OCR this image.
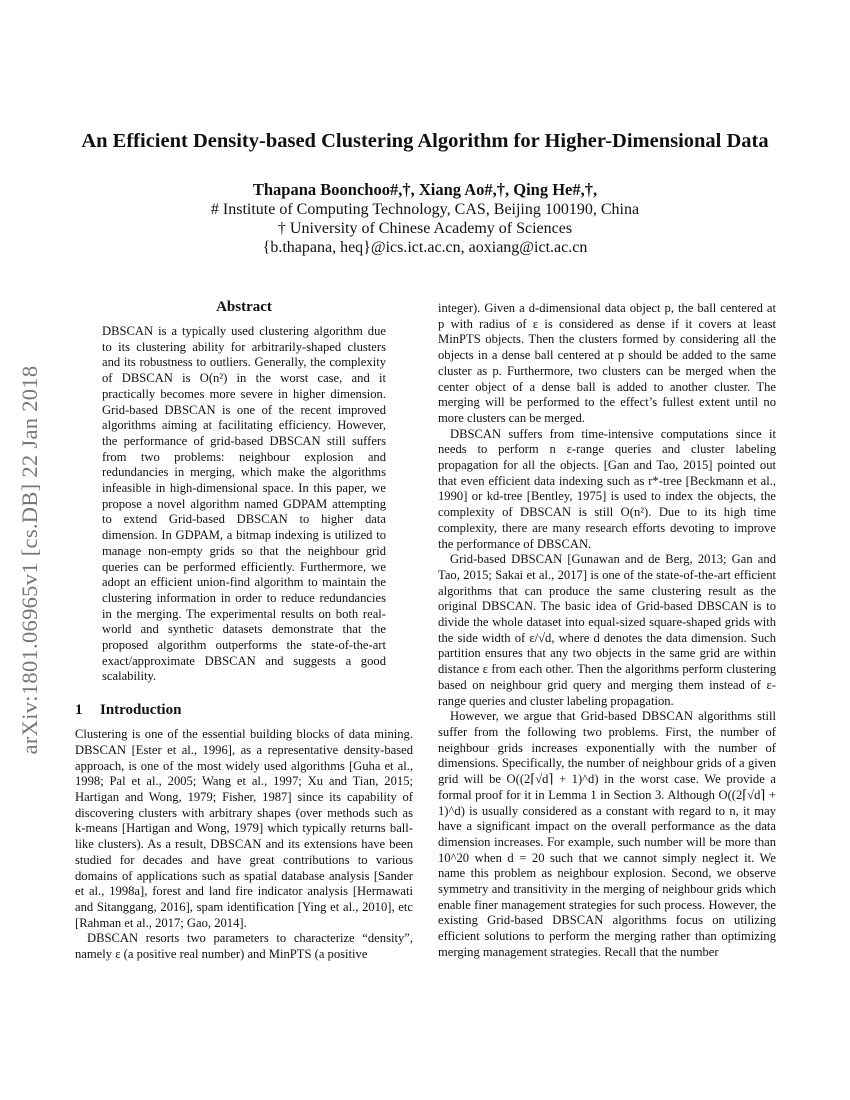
arXiv:1801.06965v1 [cs.DB] 22 Jan 2018
An Efficient Density-based Clustering Algorithm for Higher-Dimensional Data
Thapana Boonchoo#,†, Xiang Ao#,†, Qing He#,†,
# Institute of Computing Technology, CAS, Beijing 100190, China
† University of Chinese Academy of Sciences
{b.thapana, heq}@ics.ict.ac.cn, aoxiang@ict.ac.cn
Abstract
DBSCAN is a typically used clustering algorithm due to its clustering ability for arbitrarily-shaped clusters and its robustness to outliers. Generally, the complexity of DBSCAN is O(n²) in the worst case, and it practically becomes more severe in higher dimension. Grid-based DBSCAN is one of the recent improved algorithms aiming at facilitating efficiency. However, the performance of grid-based DBSCAN still suffers from two problems: neighbour explosion and redundancies in merging, which make the algorithms infeasible in high-dimensional space. In this paper, we propose a novel algorithm named GDPAM attempting to extend Grid-based DBSCAN to higher data dimension. In GDPAM, a bitmap indexing is utilized to manage non-empty grids so that the neighbour grid queries can be performed efficiently. Furthermore, we adopt an efficient union-find algorithm to maintain the clustering information in order to reduce redundancies in the merging. The experimental results on both real-world and synthetic datasets demonstrate that the proposed algorithm outperforms the state-of-the-art exact/approximate DBSCAN and suggests a good scalability.
1 Introduction

Clustering is one of the essential building blocks of data mining. DBSCAN [Ester et al., 1996], as a representative density-based approach, is one of the most widely used algorithms [Guha et al., 1998; Pal et al., 2005; Wang et al., 1997; Xu and Tian, 2015; Hartigan and Wong, 1979; Fisher, 1987] since its capability of discovering clusters with arbitrary shapes (over methods such as k-means [Hartigan and Wong, 1979] which typically returns ball-like clusters). As a result, DBSCAN and its extensions have been studied for decades and have great contributions to various domains of applications such as spatial database analysis [Sander et al., 1998a], forest and land fire indicator analysis [Hermawati and Sitanggang, 2016], spam identification [Ying et al., 2010], etc [Rahman et al., 2017; Gao, 2014].

DBSCAN resorts two parameters to characterize “density”, namely ε (a positive real number) and MinPTS (a positive

integer). Given a d-dimensional data object p, the ball centered at p with radius of ε is considered as dense if it covers at least MinPTS objects. Then the clusters formed by considering all the objects in a dense ball centered at p should be added to the same cluster as p. Furthermore, two clusters can be merged when the center object of a dense ball is added to another cluster. The merging will be performed to the effect’s fullest extent until no more clusters can be merged.

DBSCAN suffers from time-intensive computations since it needs to perform n ε-range queries and cluster labeling propagation for all the objects. [Gan and Tao, 2015] pointed out that even efficient data indexing such as r*-tree [Beckmann et al., 1990] or kd-tree [Bentley, 1975] is used to index the objects, the complexity of DBSCAN is still O(n²). Due to its high time complexity, there are many research efforts devoting to improve the performance of DBSCAN.

Grid-based DBSCAN [Gunawan and de Berg, 2013; Gan and Tao, 2015; Sakai et al., 2017] is one of the state-of-the-art efficient algorithms that can produce the same clustering result as the original DBSCAN. The basic idea of Grid-based DBSCAN is to divide the whole dataset into equal-sized square-shaped grids with the side width of ε/√d, where d denotes the data dimension. Such partition ensures that any two objects in the same grid are within distance ε from each other. Then the algorithms perform clustering based on neighbour grid query and merging them instead of ε-range queries and cluster labeling propagation.

However, we argue that Grid-based DBSCAN algorithms still suffer from the following two problems. First, the number of neighbour grids increases exponentially with the number of dimensions. Specifically, the number of neighbour grids of a given grid will be O((2⌈√d⌉ + 1)^d) in the worst case. We provide a formal proof for it in Lemma 1 in Section 3. Although O((2⌈√d⌉ + 1)^d) is usually considered as a constant with regard to n, it may have a significant impact on the overall performance as the data dimension increases. For example, such number will be more than 10^20 when d = 20 such that we cannot simply neglect it. We name this problem as neighbour explosion. Second, we observe symmetry and transitivity in the merging of neighbour grids which enable finer management strategies for such process. However, the existing Grid-based DBSCAN algorithms focus on utilizing efficient solutions to perform the merging rather than optimizing merging management strategies. Recall that the number
